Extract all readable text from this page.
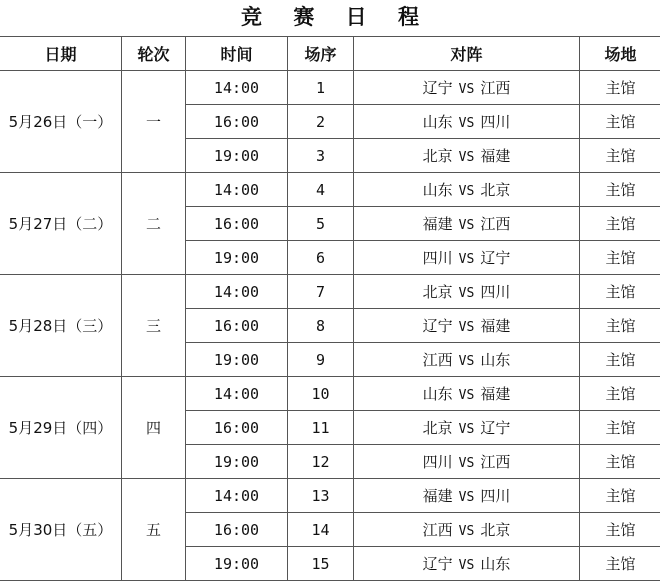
竞 赛 日 程
日期	轮次	时间	场序	对阵	场地
5月26日（一）	一	14:00	1	辽宁 VS 江西	主馆
		16:00	2	山东 VS 四川	主馆
		19:00	3	北京 VS 福建	主馆
5月27日（二）	二	14:00	4	山东 VS 北京	主馆
		16:00	5	福建 VS 江西	主馆
		19:00	6	四川 VS 辽宁	主馆
5月28日（三）	三	14:00	7	北京 VS 四川	主馆
		16:00	8	辽宁 VS 福建	主馆
		19:00	9	江西 VS 山东	主馆
5月29日（四）	四	14:00	10	山东 VS 福建	主馆
		16:00	11	北京 VS 辽宁	主馆
		19:00	12	四川 VS 江西	主馆
5月30日（五）	五	14:00	13	福建 VS 四川	主馆
		16:00	14	江西 VS 北京	主馆
		19:00	15	辽宁 VS 山东	主馆
